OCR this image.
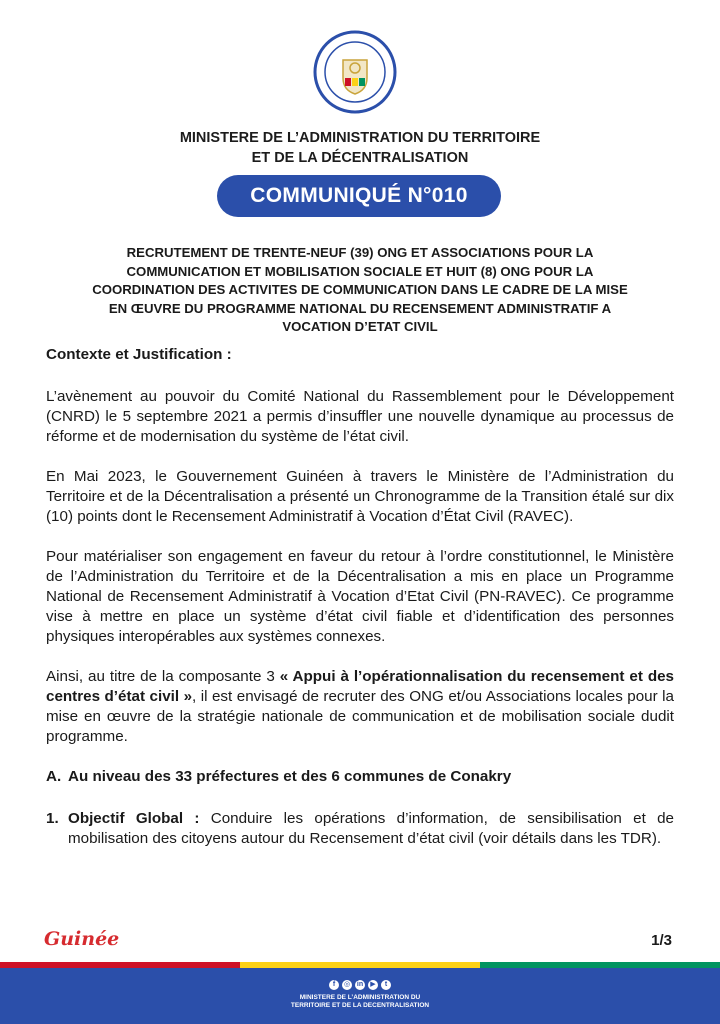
MINISTERE DE L’ADMINISTRATION DU TERRITOIRE
ET DE LA DÉCENTRALISATION
COMMUNIQUÉ N°010
RECRUTEMENT DE TRENTE-NEUF (39) ONG ET ASSOCIATIONS POUR LA
COMMUNICATION ET MOBILISATION SOCIALE ET HUIT (8) ONG POUR LA
COORDINATION DES ACTIVITES DE COMMUNICATION DANS LE CADRE DE LA MISE
EN ŒUVRE DU PROGRAMME NATIONAL DU RECENSEMENT ADMINISTRATIF A
VOCATION D’ETAT CIVIL

Contexte et Justification :

L’avènement au pouvoir du Comité National du Rassemblement pour le Développement (CNRD) le 5 septembre 2021 a permis d’insuffler une nouvelle dynamique au processus de réforme et de modernisation du système de l’état civil.

En Mai 2023, le Gouvernement Guinéen à travers le Ministère de l’Administration du Territoire et de la Décentralisation a présenté un Chronogramme de la Transition étalé sur dix (10) points dont le Recensement Administratif à Vocation d’État Civil (RAVEC).

Pour matérialiser son engagement en faveur du retour à l’ordre constitutionnel, le Ministère de l’Administration du Territoire et de la Décentralisation a mis en place un Programme National de Recensement Administratif à Vocation d’Etat Civil (PN-RAVEC). Ce programme vise à mettre en place un système d’état civil fiable et d’identification des personnes physiques interopérables aux systèmes connexes.

Ainsi, au titre de la composante 3 « Appui à l’opérationnalisation du recensement et des centres d’état civil », il est envisagé de recruter des ONG et/ou Associations locales pour la mise en œuvre de la stratégie nationale de communication et de mobilisation sociale dudit programme.

A. Au niveau des 33 préfectures et des 6 communes de Conakry
1. Objectif Global : Conduire les opérations d’information, de sensibilisation et de mobilisation des citoyens autour du Recensement d’état civil (voir détails dans les TDR).
Guinée	1/3
f	◎ in	▶	t
MINISTERE DE L’ADMINISTRATION DU
TERRITOIRE ET DE LA DECENTRALISATION
